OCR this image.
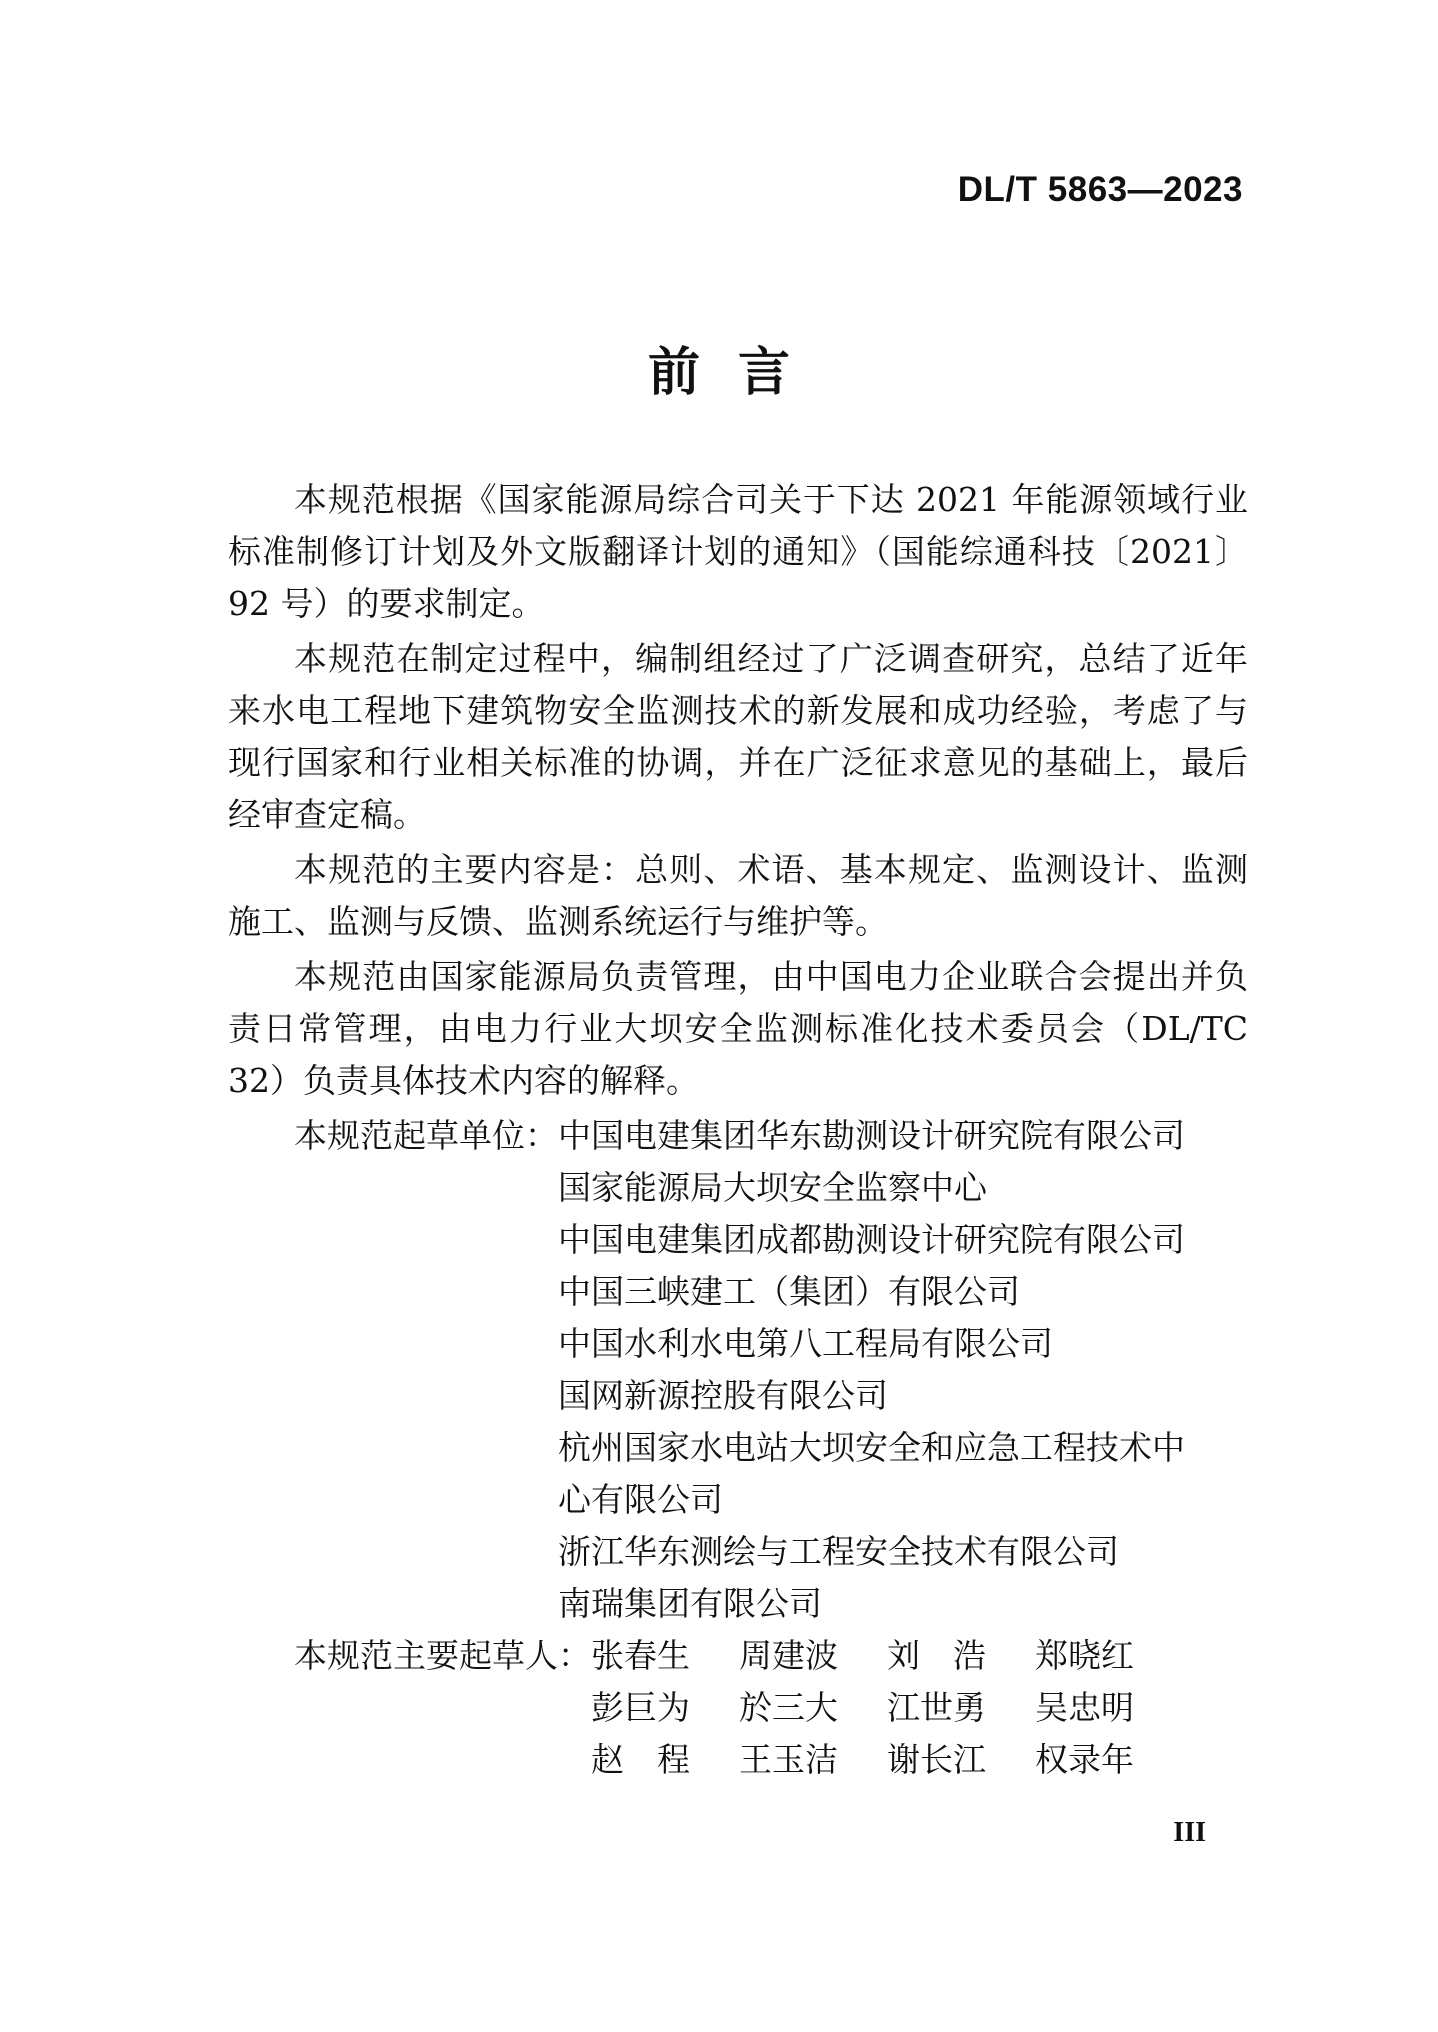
DL/T 5863—2023
前言

本规范根据《国家能源局综合司关于下达 2021 年能源领域行业标准制修订计划及外文版翻译计划的通知》（国能综通科技〔2021〕92 号）的要求制定。

本规范在制定过程中，编制组经过了广泛调查研究，总结了近年来水电工程地下建筑物安全监测技术的新发展和成功经验，考虑了与现行国家和行业相关标准的协调，并在广泛征求意见的基础上，最后经审查定稿。

本规范的主要内容是：总则、术语、基本规定、监测设计、监测施工、监测与反馈、监测系统运行与维护等。

本规范由国家能源局负责管理，由中国电力企业联合会提出并负责日常管理，由电力行业大坝安全监测标准化技术委员会（DL/TC 32）负责具体技术内容的解释。

本规范起草单位： 中国电建集团华东勘测设计研究院有限公司
国家能源局大坝安全监察中心
中国电建集团成都勘测设计研究院有限公司
中国三峡建工（集团）有限公司
中国水利水电第八工程局有限公司
国网新源控股有限公司
杭州国家水电站大坝安全和应急工程技术中心有限公司
浙江华东测绘与工程安全技术有限公司
南瑞集团有限公司
本规范主要起草人： 张春生	周建波	刘　浩	郑晓红
彭巨为	於三大	江世勇	吴忠明
赵　程	王玉洁	谢长江	权录年
III
